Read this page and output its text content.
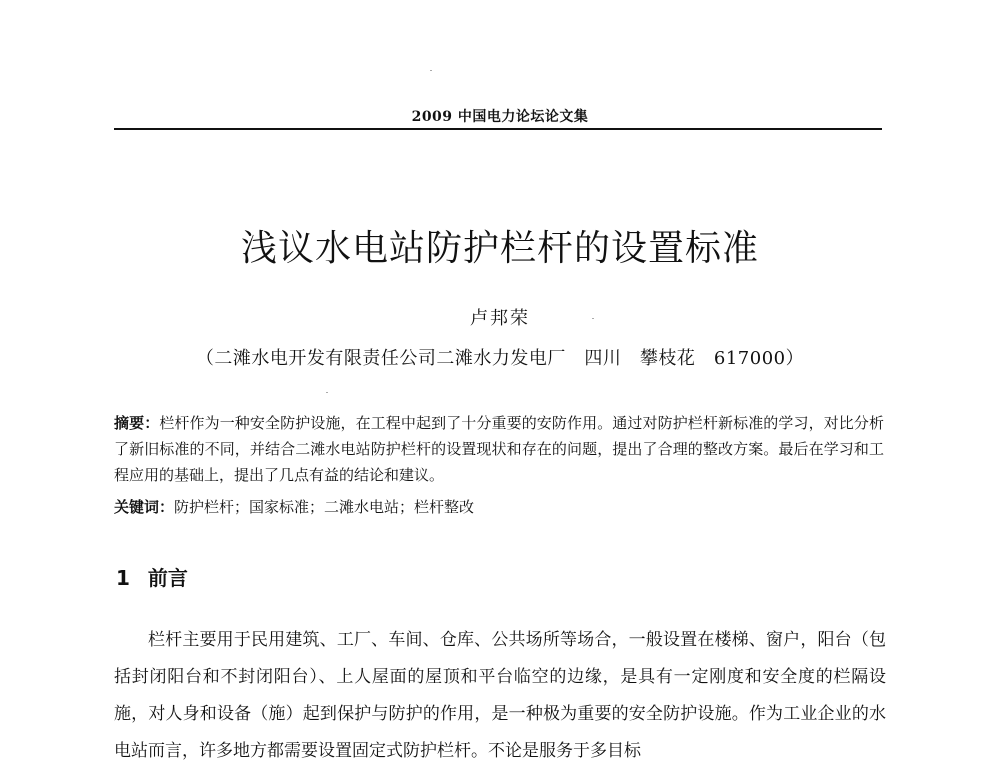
2009 中国电力论坛论文集
浅议水电站防护栏杆的设置标准
卢邦荣
（二滩水电开发有限责任公司二滩水力发电厂　四川　攀枝花　617000）
摘要：栏杆作为一种安全防护设施，在工程中起到了十分重要的安防作用。通过对防护栏杆新标准的学习，对比分析了新旧标准的不同，并结合二滩水电站防护栏杆的设置现状和存在的问题，提出了合理的整改方案。最后在学习和工程应用的基础上，提出了几点有益的结论和建议。
关键词：防护栏杆；国家标准；二滩水电站；栏杆整改
1 前言

栏杆主要用于民用建筑、工厂、车间、仓库、公共场所等场合，一般设置在楼梯、窗户，阳台（包括封闭阳台和不封闭阳台）、上人屋面的屋顶和平台临空的边缘，是具有一定刚度和安全度的栏隔设施，对人身和设备（施）起到保护与防护的作用，是一种极为重要的安全防护设施。作为工业企业的水电站而言，许多地方都需要设置固定式防护栏杆。不论是服务于多目标
